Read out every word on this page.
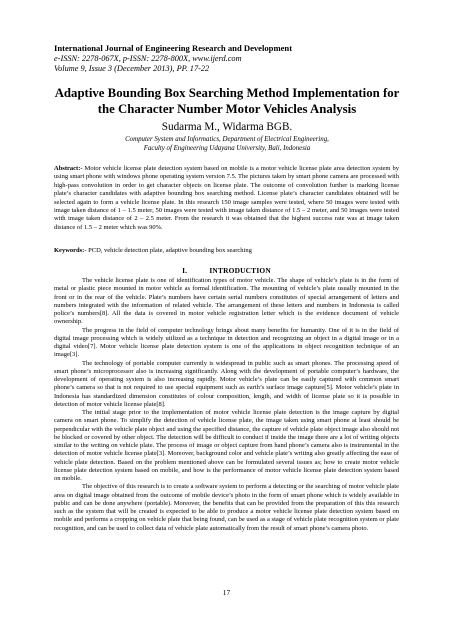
International Journal of Engineering Research and Development
e-ISSN: 2278-067X, p-ISSN: 2278-800X, www.ijerd.com
Volume 9, Issue 3 (December 2013), PP. 17-22
Adaptive Bounding Box Searching Method Implementation for the Character Number Motor Vehicles Analysis
Sudarma M., Widarma BGB.
Computer System and Informatics, Department of Electrical Engineering,
Faculty of Engineering Udayana University, Bali, Indonesia
Abstract:- Motor vehicle license plate detection system based on mobile is a motor vehicle license plate area detection system by using smart phone with windows phone operating system version 7.5. The pictures taken by smart phone camera are processed with high-pass convolution in order to get character objects on license plate. The outcome of convolution further is marking license plate’s character candidates with adaptive bounding box searching method. License plate’s character candidates obtained will be selected again to form a vehicle license plate. In this research 150 image samples were tested, where 50 images were tested with image taken distance of 1 – 1.5 meter, 50 images were tested with image taken distance of 1.5 – 2 meter, and 50 images were tested with image taken distance of 2 – 2.5 meter. From the research it was obtained that the highest success rate was at image taken distance of 1.5 – 2 meter which was 90%.
Keywords:- PCD, vehicle detection plate, adaptive bounding box searching
I.	INTRODUCTION

The vehicle license plate is one of identification types of motor vehicle. The shape of vehicle’s plate is in the form of metal or plastic piece mounted in motor vehicle as formal identification. The mounting of vehicle’s plate usually mounted in the front or in the rear of the vehicle. Plate’s numbers have certain serial numbers constitutes of special arrangement of letters and numbers integrated with the information of related vehicle. The arrangement of these letters and numbers in Indonesia is called police’s numbers[8]. All the data is covered in motor vehicle registration letter which is the evidence document of vehicle ownership.

The progress in the field of computer technology brings about many benefits for humanity. One of it is in the field of digital image processing which is widely utilized as a technique in detection and recognizing an object in a digital image or in a digital video[7]. Motor vehicle license plate detection system is one of the applications in object recognition technique of an image[3].

The technology of portable computer currently is widespread in public such as smart phones. The processing speed of smart phone’s microprocessor also is increasing significantly. Along with the development of portable computer’s hardware, the development of operating system is also increasing rapidly. Motor vehicle’s plate can be easily captured with common smart phone’s camera so that is not required to use special equipment such as earth’s surface image capture[5]. Motor vehicle’s plate in Indonesia has standardized dimension constitutes of colour composition, length, and width of license plate so it is possible in detection of motor vehicle license plate[8].

The initial stage prior to the implementation of motor vehicle license plate detection is the image capture by digital camera on smart phone. To simplify the detection of vehicle license plate, the image taken using smart phone at least should be perpendicular with the vehicle plate object and using the specified distance, the capture of vehicle plate object image also should not be blocked or covered by other object. The detection will be difficult to conduct if inside the image there are a lot of writing objects similar to the writing on vehicle plate. The process of image or object capture from hand phone’s camera also is instrumental in the detection of motor vehicle license plate[3]. Moreover, background color and vehicle plate’s writing also greatly affecting the ease of vehicle plate detection. Based on the problem mentioned above can be formulated several issues as; how to create motor vehicle license plate detection system based on mobile, and how is the performance of motor vehicle license plate detection system based on mobile.

The objective of this research is to create a software system to perform a detecting or the searching of motor vehicle plate area on digital image obtained from the outcome of mobile device’s photo in the form of smart phone which is widely available in public and can be done anywhere (portable). Moreover, the benefits that can be provided from the preparation of this this research such as the system that will be created is expected to be able to produce a motor vehicle license plate detection system based on mobile and performs a cropping on vehicle plate that being found, can be used as a stage of vehicle plate recognition system or plate recognition, and can be used to collect data of vehicle plate automatically from the result of smart phone’s camera photo.

17
